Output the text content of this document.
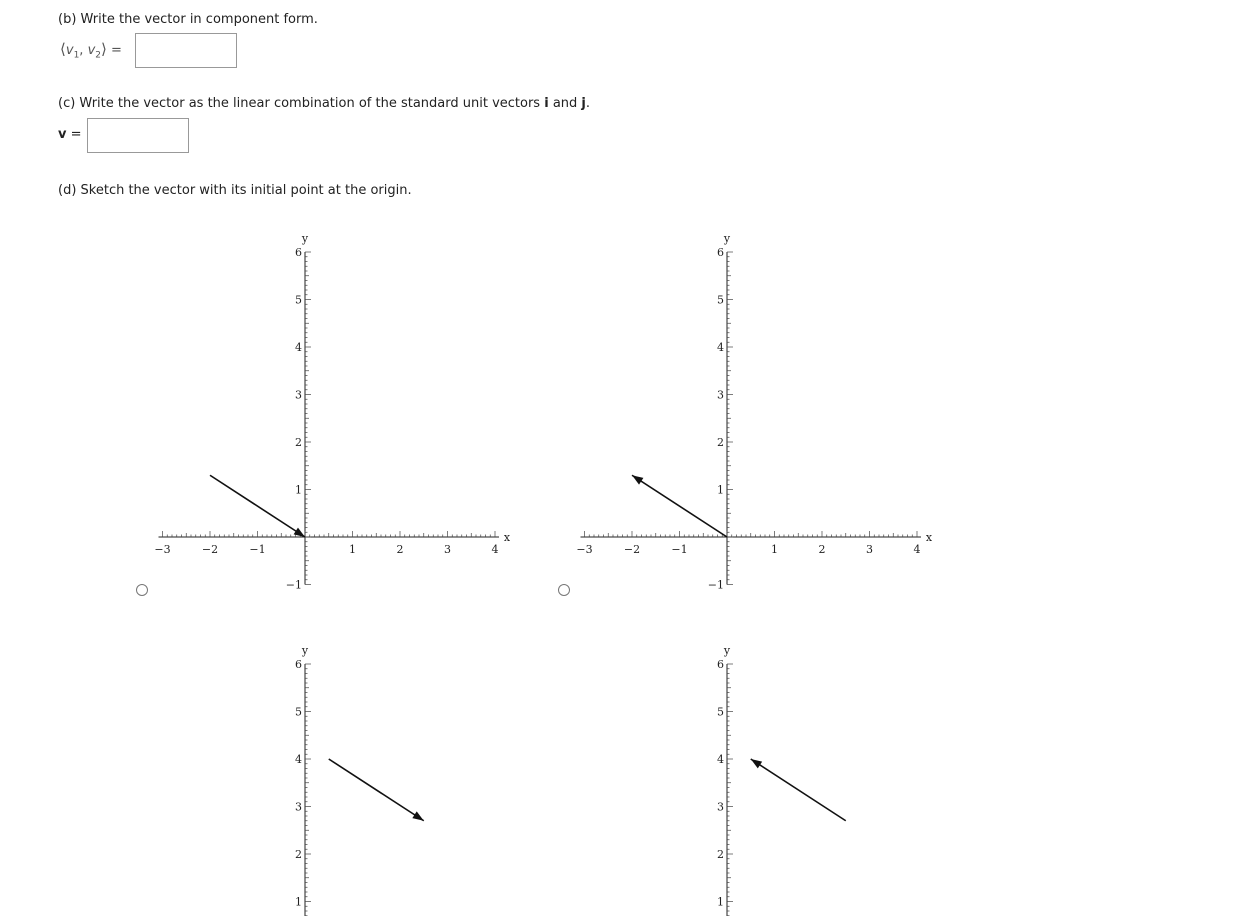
(b) Write the vector in component form.
$⟨v_1$, $v_2⟩$ =
(c) Write the vector as the linear combination of the standard unit vectors i and j.
v =
(d) Sketch the vector with its initial point at the origin.
−3	−2	−1	1	2	3	4
6
5
4
3
2
1
−1
x
y
−3	−2	−1	1	2	3	4
6
5
4
3
2
1
−1
x
y
6
5
4
3
2
1
y
6
5
4
3
2
1
y
